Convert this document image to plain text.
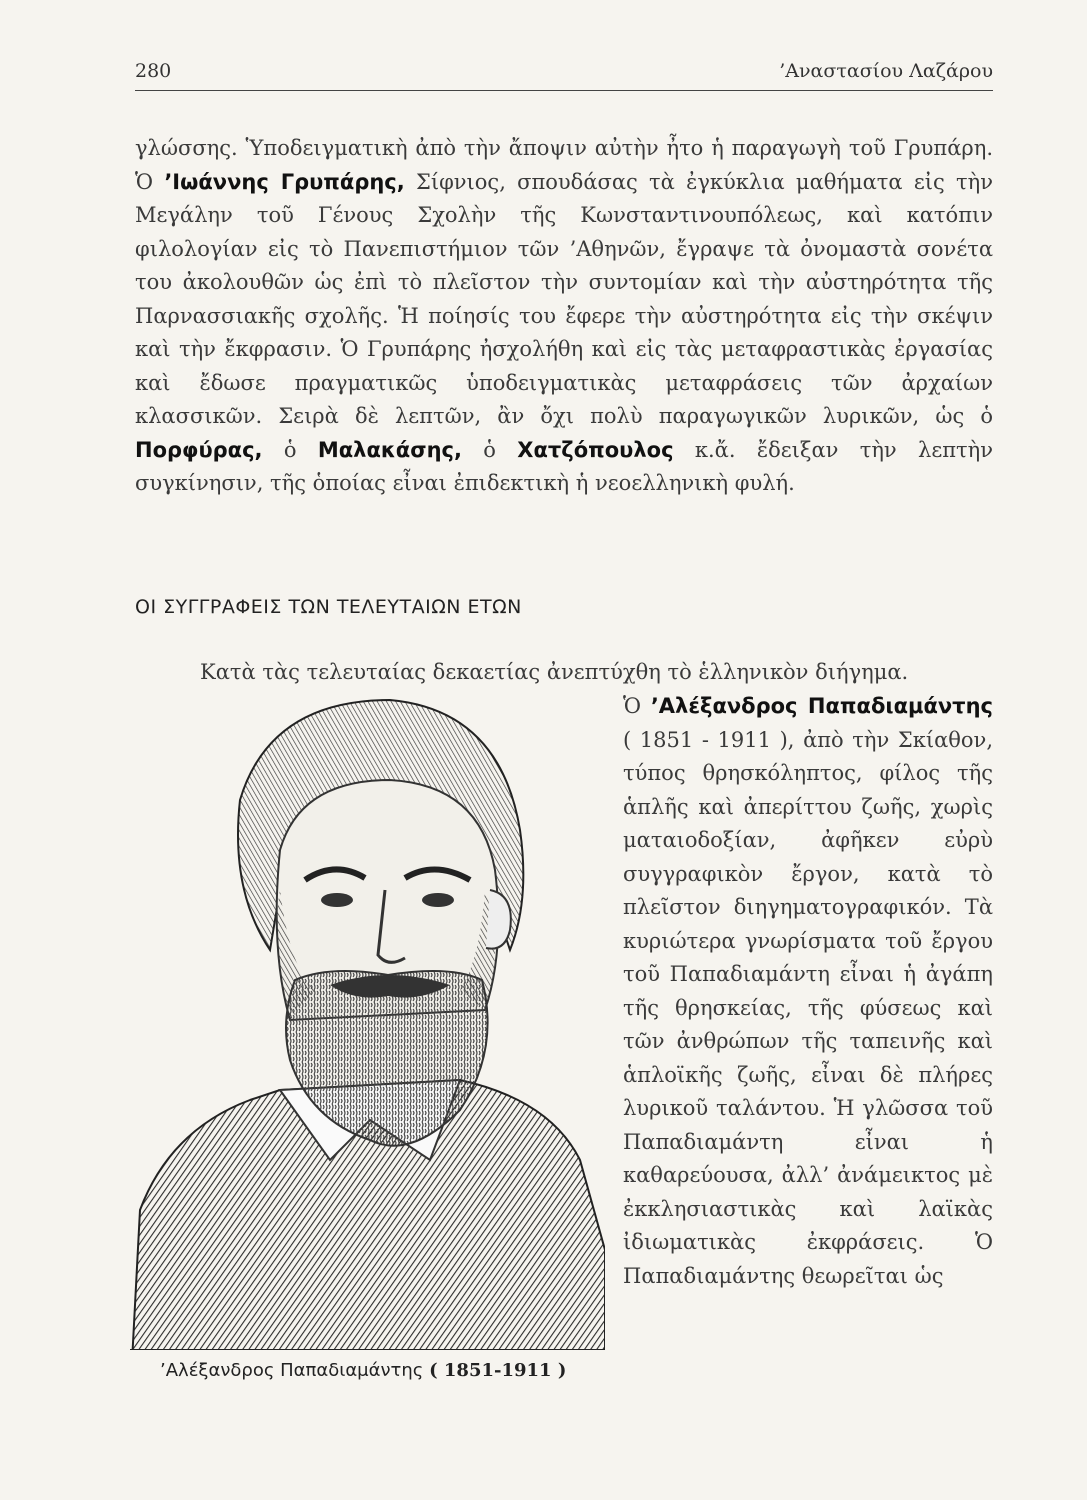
280	’Αναστασίου Λαζάρου
γλώσσης. Ὑποδειγματικὴ ἀπὸ τὴν ἄποψιν αὐτὴν ἦτο ἡ παραγωγὴ τοῦ Γρυπάρη. Ὁ ’Ιωάννης Γρυπάρης, Σίφνιος, σπουδάσας τὰ ἐγκύκλια μαθήματα εἰς τὴν Μεγάλην τοῦ Γένους Σχολὴν τῆς Κωνσταντινουπόλεως, καὶ κατόπιν φιλολογίαν εἰς τὸ Πανεπιστήμιον τῶν ’Αθηνῶν, ἔγραψε τὰ ὀνομαστὰ σονέτα του ἀκολουθῶν ὡς ἐπὶ τὸ πλεῖστον τὴν συντομίαν καὶ τὴν αὐστηρότητα τῆς Παρνασσιακῆς σχολῆς. Ἡ ποίησίς του ἔφερε τὴν αὐστηρότητα εἰς τὴν σκέψιν καὶ τὴν ἔκφρασιν. Ὁ Γρυπάρης ἠσχολήθη καὶ εἰς τὰς μεταφραστικὰς ἐργασίας καὶ ἔδωσε πραγματικῶς ὑποδειγματικὰς μεταφράσεις τῶν ἀρχαίων κλασσικῶν. Σειρὰ δὲ λεπτῶν, ἂν ὄχι πολὺ παραγωγικῶν λυρικῶν, ὡς ὁ Πορφύρας, ὁ Μαλακάσης, ὁ Χατζόπουλος κ.ἄ. ἔδειξαν τὴν λεπτὴν συγκίνησιν, τῆς ὁποίας εἶναι ἐπιδεκτικὴ ἡ νεοελληνικὴ φυλή.
ΟΙ ΣΥΓΓΡΑΦΕΙΣ ΤΩΝ ΤΕΛΕΥΤΑΙΩΝ ΕΤΩΝ
Κατὰ τὰς τελευταίας δεκαετίας ἀνεπτύχθη τὸ ἑλληνικὸν διήγημα.
Ὁ ’Αλέξανδρος Παπαδιαμάντης ( 1851 - 1911 ), ἀπὸ τὴν Σκίαθον, τύπος θρησκόληπτος, φίλος τῆς ἁπλῆς καὶ ἀπερίττου ζωῆς, χωρὶς ματαιοδοξίαν, ἀφῆκεν εὐρὺ συγγραφικὸν ἔργον, κατὰ τὸ πλεῖστον διηγηματογραφικόν. Τὰ κυριώτερα γνωρίσματα τοῦ ἔργου τοῦ Παπαδιαμάντη εἶναι ἡ ἀγάπη τῆς θρησκείας, τῆς φύσεως καὶ τῶν ἀνθρώπων τῆς ταπεινῆς καὶ ἁπλοϊκῆς ζωῆς, εἶναι δὲ πλήρες λυρικοῦ ταλάντου. Ἡ γλῶσσα τοῦ Παπαδιαμάντη εἶναι ἡ καθαρεύουσα, ἀλλ’ ἀνάμεικτος μὲ ἐκκλησιαστικὰς καὶ λαϊκὰς ἰδιωματικὰς ἐκφράσεις. Ὁ Παπαδιαμάντης θεωρεῖται ὡς
’Αλέξανδρος Παπαδιαμάντης ( 1851-1911 )
